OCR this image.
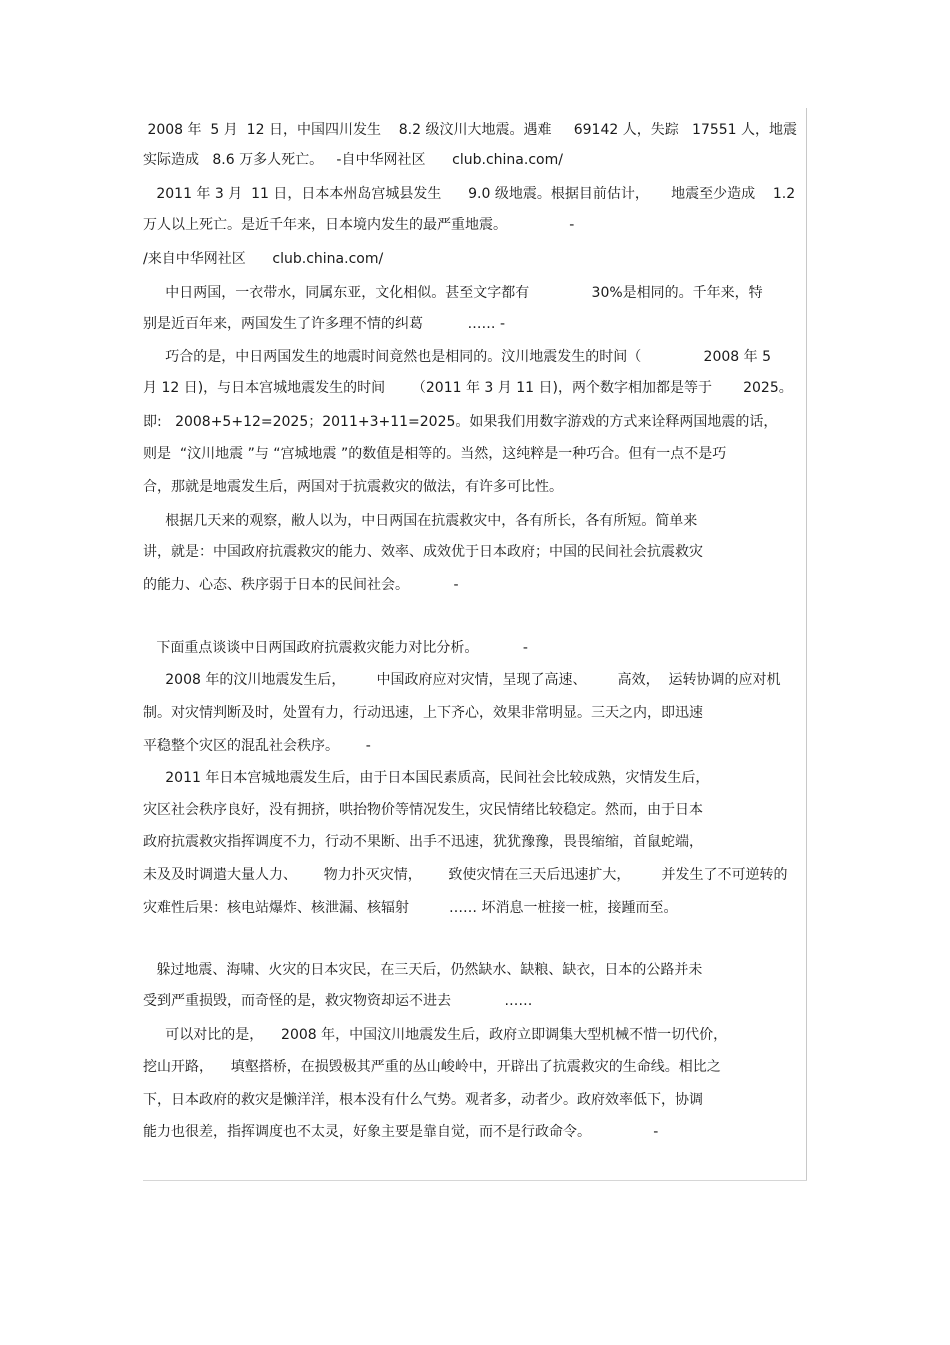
2008 年  5 月  12 日，中国四川发生    8.2 级汶川大地震。遇难     69142 人，失踪   17551 人，地震
实际造成   8.6 万多人死亡。   -自中华网社区      club.china.com/
2011 年 3 月  11 日，日本本州岛宫城县发生      9.0 级地震。根据目前估计，     地震至少造成    1.2
万人以上死亡。是近千年来，日本境内发生的最严重地震。              -
/来自中华网社区      club.china.com/
中日两国，一衣带水，同属东亚，文化相似。甚至文字都有              30%是相同的。千年来，特
别是近百年来，两国发生了许多理不情的纠葛          …… -
巧合的是，中日两国发生的地震时间竟然也是相同的。汶川地震发生的时间（              2008 年 5
月 12 日)，与日本宫城地震发生的时间      （2011 年 3 月 11 日)，两个数字相加都是等于       2025。
即:   2008+5+12=2025；2011+3+11=2025。如果我们用数字游戏的方式来诠释两国地震的话，
则是  “汶川地震 ”与 “宫城地震 ”的数值是相等的。当然，这纯粹是一种巧合。但有一点不是巧
合，那就是地震发生后，两国对于抗震救灾的做法，有许多可比性。
根据几天来的观察，敝人以为，中日两国在抗震救灾中，各有所长，各有所短。简单来
讲，就是：中国政府抗震救灾的能力、效率、成效优于日本政府；中国的民间社会抗震救灾
的能力、心态、秩序弱于日本的民间社会。          -
下面重点谈谈中日两国政府抗震救灾能力对比分析。          -
2008 年的汶川地震发生后，       中国政府应对灾情，呈现了高速、       高效，  运转协调的应对机
制。对灾情判断及时，处置有力，行动迅速，上下齐心，效果非常明显。三天之内，即迅速
平稳整个灾区的混乱社会秩序。      -
2011 年日本宫城地震发生后，由于日本国民素质高，民间社会比较成熟，灾情发生后，
灾区社会秩序良好，没有拥挤，哄抬物价等情况发生，灾民情绪比较稳定。然而，由于日本
政府抗震救灾指挥调度不力，行动不果断、出手不迅速，犹犹豫豫，畏畏缩缩，首鼠蛇端，
未及及时调遣大量人力、      物力扑灭灾情，      致使灾情在三天后迅速扩大，       并发生了不可逆转的
灾难性后果：核电站爆炸、核泄漏、核辐射         …… 坏消息一桩接一桩，接踵而至。
躲过地震、海啸、火灾的日本灾民，在三天后，仍然缺水、缺粮、缺衣，日本的公路并未
受到严重损毁，而奇怪的是，救灾物资却运不进去            ……
可以对比的是，    2008 年，中国汶川地震发生后，政府立即调集大型机械不惜一切代价，
挖山开路，    填壑搭桥，在损毁极其严重的丛山峻岭中，开辟出了抗震救灾的生命线。相比之
下，日本政府的救灾是懒洋洋，根本没有什么气势。观者多，动者少。政府效率低下，协调
能力也很差，指挥调度也不太灵，好象主要是靠自觉，而不是行政命令。              -
